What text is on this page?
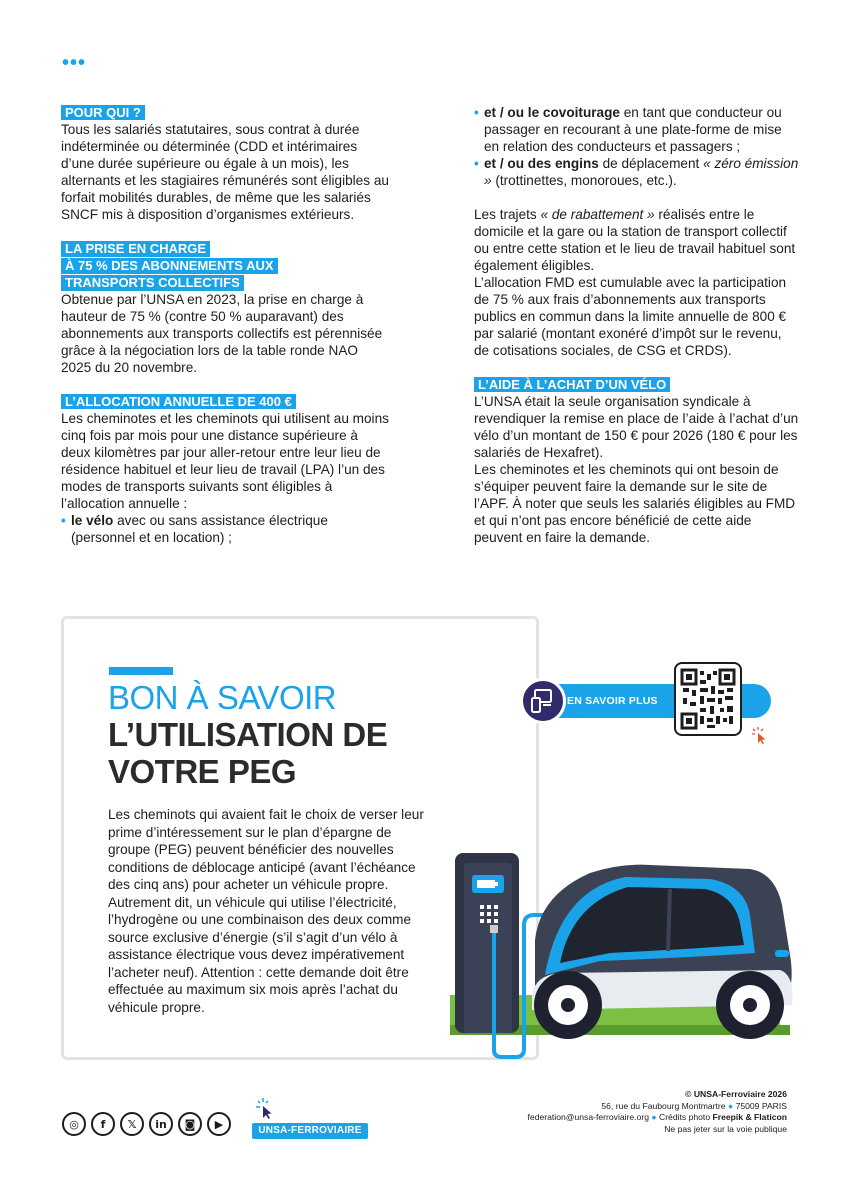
•••
POUR QUI ?
Tous les salariés statutaires, sous contrat à durée indéterminée ou déterminée (CDD et intérimaires d’une durée supérieure ou égale à un mois), les alternants et les stagiaires rémunérés sont éligibles au forfait mobilités durables, de même que les salariés SNCF mis à disposition d’organismes extérieurs.
LA PRISE EN CHARGE
À 75 % DES ABONNEMENTS AUX
TRANSPORTS COLLECTIFS
Obtenue par l’UNSA en 2023, la prise en charge à hauteur de 75 % (contre 50 % auparavant) des abonnements aux transports collectifs est pérennisée grâce à la négociation lors de la table ronde NAO 2025 du 20 novembre.
L’ALLOCATION ANNUELLE DE 400 €
Les cheminotes et les cheminots qui utilisent au moins cinq fois par mois pour une distance supérieure à deux kilomètres par jour aller-retour entre leur lieu de résidence habituel et leur lieu de travail (LPA) l’un des modes de transports suivants sont éligibles à l’allocation annuelle :
• le vélo avec ou sans assistance électrique (personnel et en location) ;
• et / ou le covoiturage en tant que conducteur ou passager en recourant à une plate-forme de mise en relation des conducteurs et passagers ;
• et / ou des engins de déplacement « zéro émission » (trottinettes, monoroues, etc.).
Les trajets « de rabattement » réalisés entre le domicile et la gare ou la station de transport collectif ou entre cette station et le lieu de travail habituel sont également éligibles.
L’allocation FMD est cumulable avec la participation de 75 % aux frais d’abonnements aux transports publics en commun dans la limite annuelle de 800 € par salarié (montant exonéré d’impôt sur le revenu, de cotisations sociales, de CSG et CRDS).
L’AIDE À L’ACHAT D’UN VÉLO
L’UNSA était la seule organisation syndicale à revendiquer la remise en place de l’aide à l’achat d’un vélo d’un montant de 150 € pour 2026 (180 € pour les salariés de Hexafret).
Les cheminotes et les cheminots qui ont besoin de s’équiper peuvent faire la demande sur le site de l’APF. À noter que seuls les salariés éligibles au FMD et qui n’ont pas encore bénéficié de cette aide peuvent en faire la demande.
BON À SAVOIR
L’UTILISATION DE VOTRE PEG
Les cheminots qui avaient fait le choix de verser leur prime d’intéressement sur le plan d’épargne de groupe (PEG) peuvent bénéficier des nouvelles conditions de déblocage anticipé (avant l’échéance des cinq ans) pour acheter un véhicule propre. Autrement dit, un véhicule qui utilise l’électricité, l’hydrogène ou une combinaison des deux comme source exclusive d’énergie (s’il s’agit d’un vélo à assistance électrique vous devez impérativement l’acheter neuf). Attention : cette demande doit être effectuée au maximum six mois après l’achat du véhicule propre.
EN SAVOIR PLUS
◎	f	𝕏	in	◙	▶	UNSA-FERROVIAIRE
© UNSA-Ferroviaire 2026
56, rue du Faubourg Montmartre ● 75009 PARIS
federation@unsa-ferroviaire.org ● Crédits photo Freepik & Flaticon
Ne pas jeter sur la voie publique
